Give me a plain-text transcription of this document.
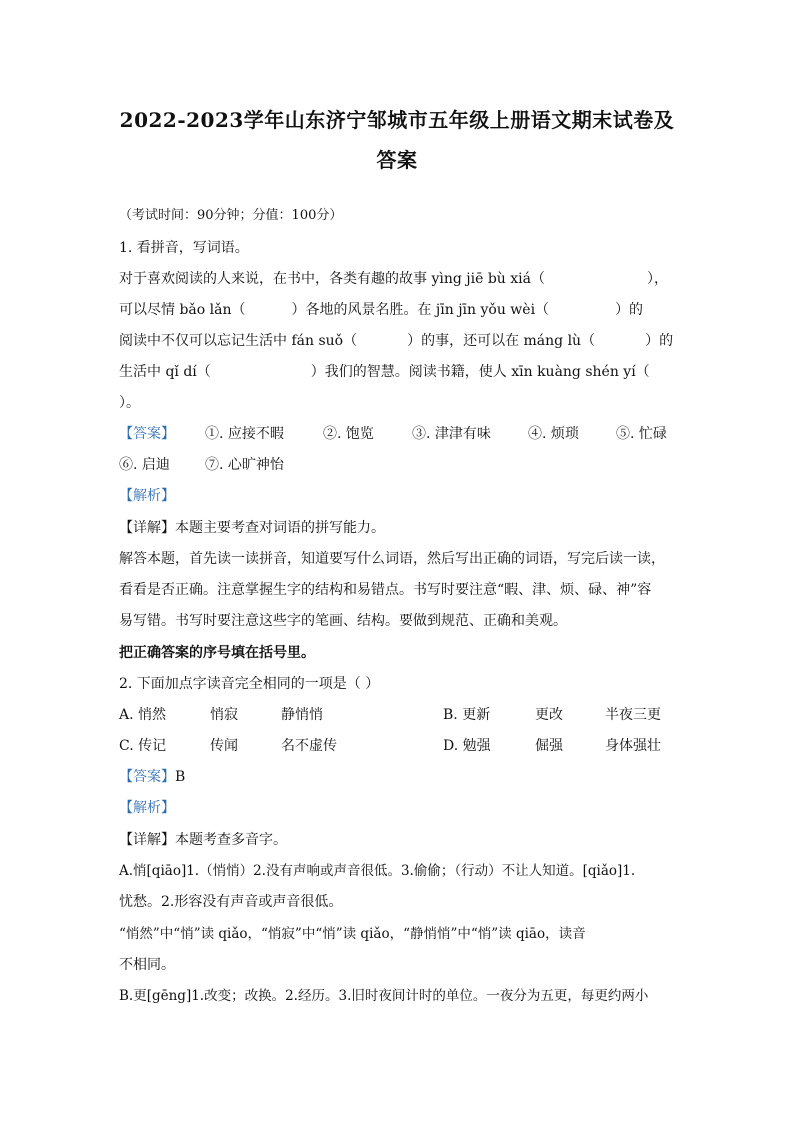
2022-2023学年山东济宁邹城市五年级上册语文期末试卷及
答案
（考试时间：90分钟；分值：100分）
1. 看拼音，写词语。
对于喜欢阅读的人来说，在书中，各类有趣的故事 yìng jiē bù xiá（	），
可以尽情 bǎo lǎn（	）各地的风景名胜。在 jīn jīn yǒu wèi（	）的
阅读中不仅可以忘记生活中 fán suǒ（	）的事，还可以在 máng lù（	）的
生活中 qǐ dí（	）我们的智慧。阅读书籍，使人 xīn kuàng shén yí（
）。
【答案】 ①. 应接不暇	②. 饱览	③. 津津有味	④. 烦琐	⑤. 忙碌
⑥. 启迪	⑦. 心旷神怡
【解析】
【详解】本题主要考查对词语的拼写能力。
解答本题，首先读一读拼音，知道要写什么词语，然后写出正确的词语，写完后读一读，
看看是否正确。注意掌握生字的结构和易错点。书写时要注意“暇、津、烦、碌、神”容
易写错。书写时要注意这些字的笔画、结构。要做到规范、正确和美观。
把正确答案的序号填在括号里。
2. 下面加点字读音完全相同的一项是（ ）
A. 悄然	悄寂	静悄悄	B. 更新	更改	半夜三更
C. 传记	传闻	名不虚传	D. 勉强	倔强	身体强壮
【答案】B
【解析】
【详解】本题考查多音字。
A.悄[qiāo]1.（悄悄）2.没有声响或声音很低。3.偷偷；（行动）不让人知道。[qiǎo]1.
忧愁。2.形容没有声音或声音很低。
“悄然”中“悄”读 qiǎo，“悄寂”中“悄”读 qiǎo，“静悄悄”中“悄”读 qiāo，读音
不相同。
B.更[gēng]1.改变；改换。2.经历。3.旧时夜间计时的单位。一夜分为五更，每更约两小
